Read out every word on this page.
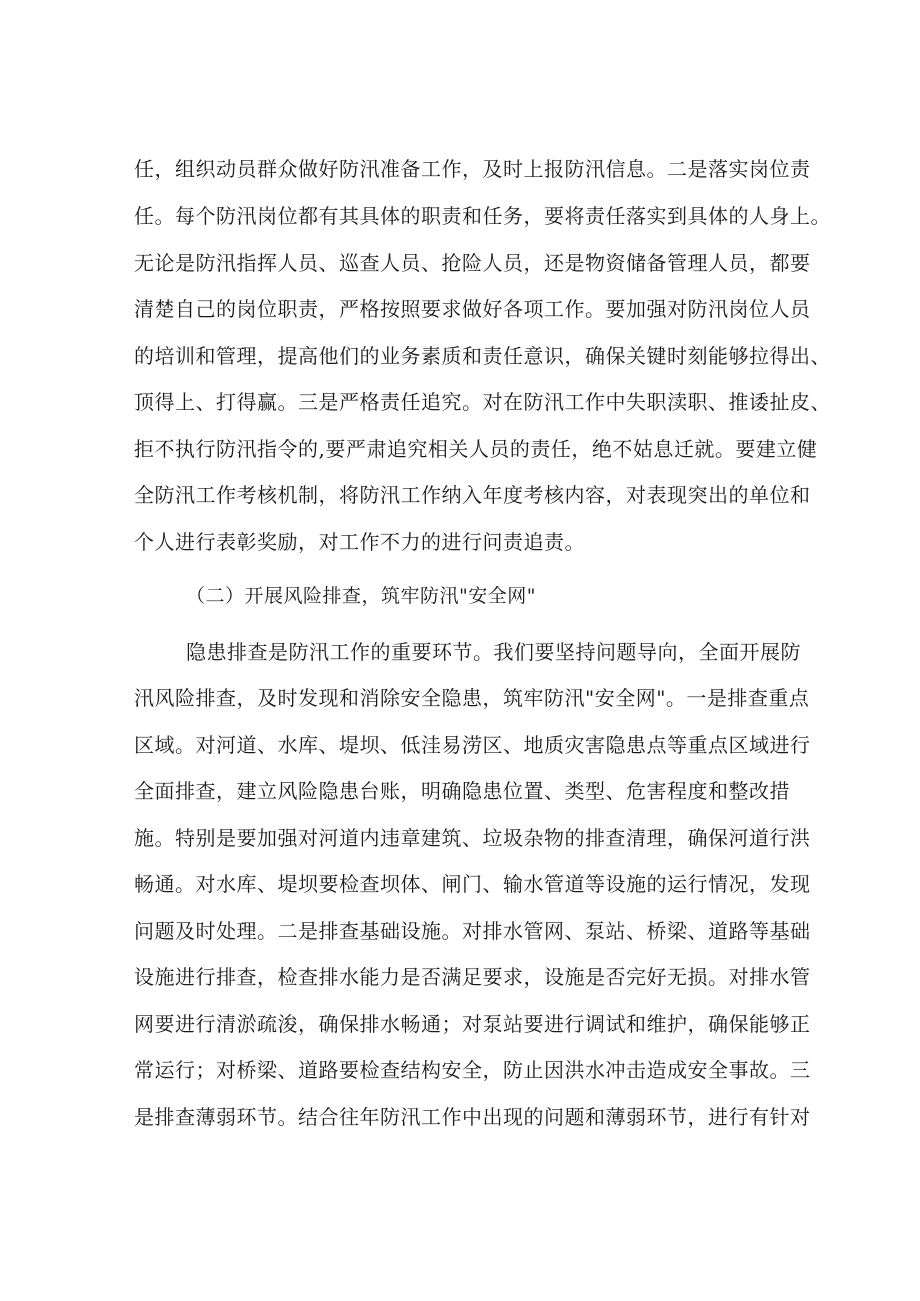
任，组织动员群众做好防汛准备工作，及时上报防汛信息。二是落实岗位责
任。每个防汛岗位都有其具体的职责和任务，要将责任落实到具体的人身上。
无论是防汛指挥人员、巡查人员、抢险人员，还是物资储备管理人员，都要
清楚自己的岗位职责，严格按照要求做好各项工作。要加强对防汛岗位人员
的培训和管理，提高他们的业务素质和责任意识，确保关键时刻能够拉得出、
顶得上、打得赢。三是严格责任追究。对在防汛工作中失职渎职、推诿扯皮、
拒不执行防汛指令的,要严肃追究相关人员的责任，绝不姑息迁就。要建立健
全防汛工作考核机制，将防汛工作纳入年度考核内容，对表现突出的单位和
个人进行表彰奖励，对工作不力的进行问责追责。
（二）开展风险排查，筑牢防汛"安全网"
隐患排查是防汛工作的重要环节。我们要坚持问题导向，全面开展防
汛风险排查，及时发现和消除安全隐患，筑牢防汛"安全网"。一是排查重点
区域。对河道、水库、堤坝、低洼易涝区、地质灾害隐患点等重点区域进行
全面排查，建立风险隐患台账，明确隐患位置、类型、危害程度和整改措
施。特别是要加强对河道内违章建筑、垃圾杂物的排查清理，确保河道行洪
畅通。对水库、堤坝要检查坝体、闸门、输水管道等设施的运行情况，发现
问题及时处理。二是排查基础设施。对排水管网、泵站、桥梁、道路等基础
设施进行排查，检查排水能力是否满足要求，设施是否完好无损。对排水管
网要进行清淤疏浚，确保排水畅通；对泵站要进行调试和维护，确保能够正
常运行；对桥梁、道路要检查结构安全，防止因洪水冲击造成安全事故。三
是排查薄弱环节。结合往年防汛工作中出现的问题和薄弱环节，进行有针对
